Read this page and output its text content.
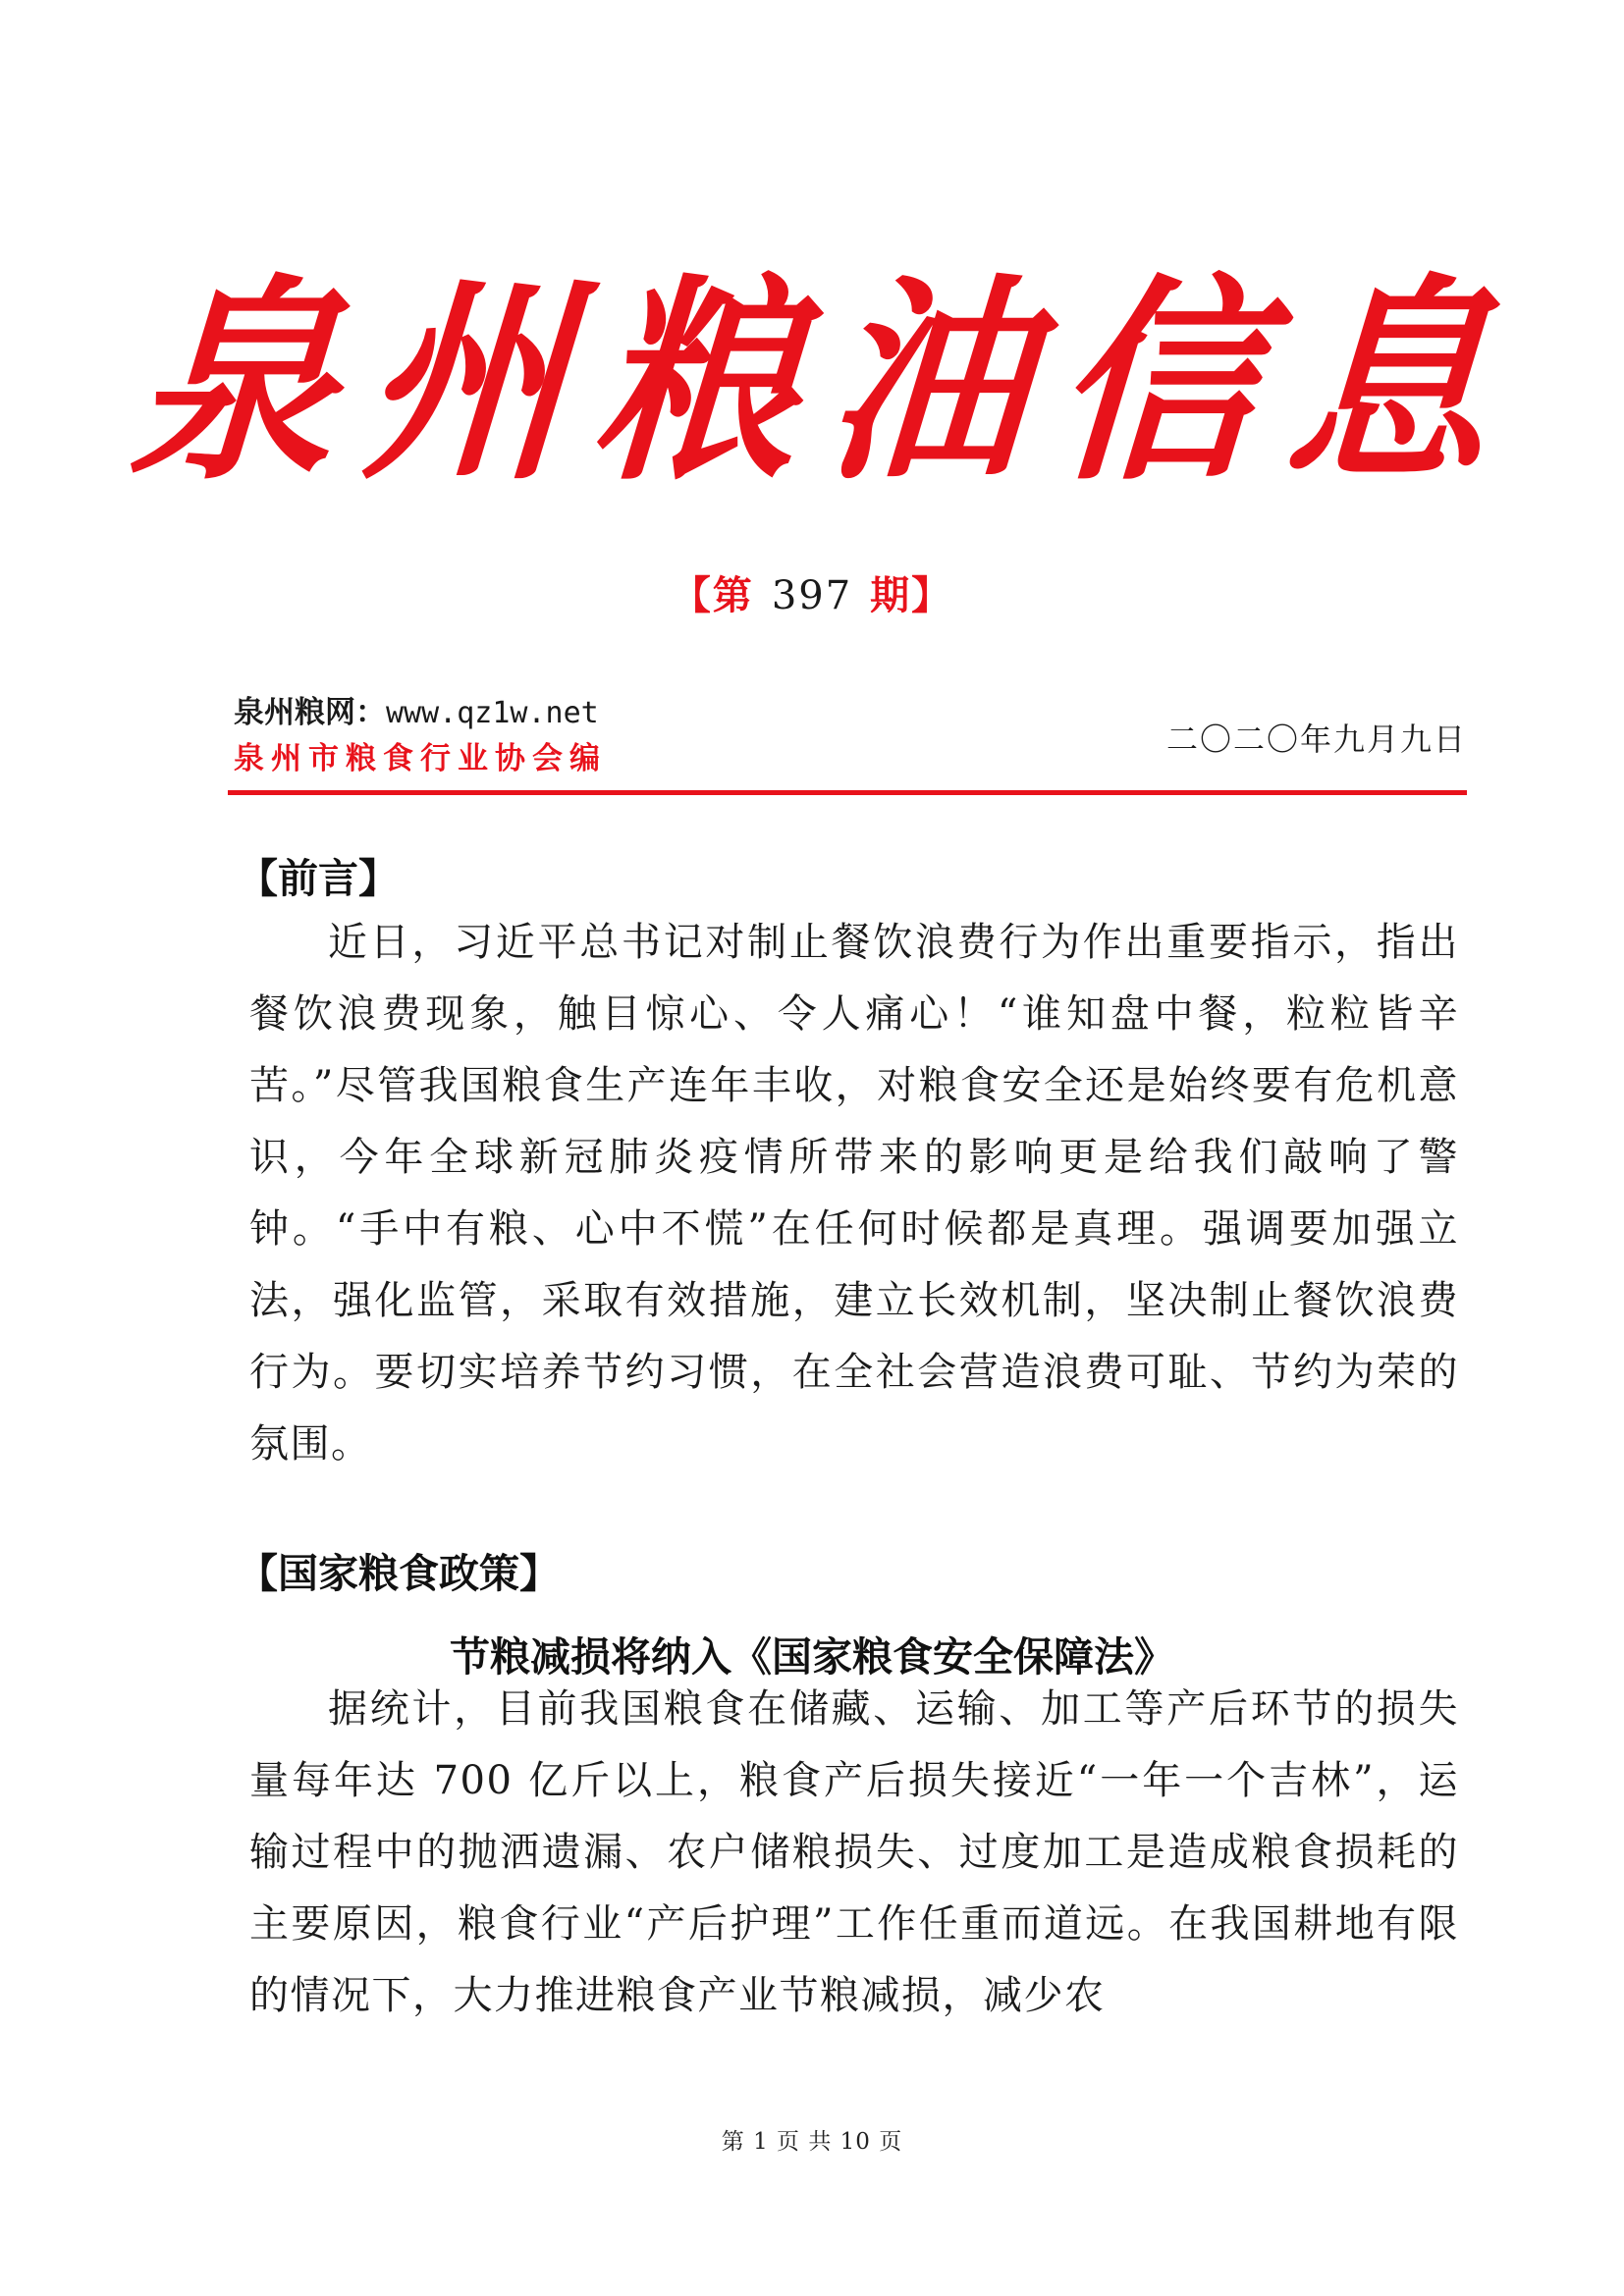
泉 州 粮 油 信 息
【第 397 期】
泉州粮网：www.qz1w.net
泉州市粮食行业协会编
二〇二〇年九月九日
【前言】

近日，习近平总书记对制止餐饮浪费行为作出重要指示，指出餐饮浪费现象，触目惊心、令人痛心！“谁知盘中餐，粒粒皆辛苦。”尽管我国粮食生产连年丰收，对粮食安全还是始终要有危机意识，今年全球新冠肺炎疫情所带来的影响更是给我们敲响了警钟。“手中有粮、心中不慌”在任何时候都是真理。强调要加强立法，强化监管，采取有效措施，建立长效机制，坚决制止餐饮浪费行为。要切实培养节约习惯，在全社会营造浪费可耻、节约为荣的氛围。

【国家粮食政策】
节粮减损将纳入《国家粮食安全保障法》

据统计，目前我国粮食在储藏、运输、加工等产后环节的损失量每年达 700 亿斤以上，粮食产后损失接近“一年一个吉林”，运输过程中的抛洒遗漏、农户储粮损失、过度加工是造成粮食损耗的主要原因，粮食行业“产后护理”工作任重而道远。在我国耕地有限的情况下，大力推进粮食产业节粮减损，减少农

第 1 页 共 10 页
